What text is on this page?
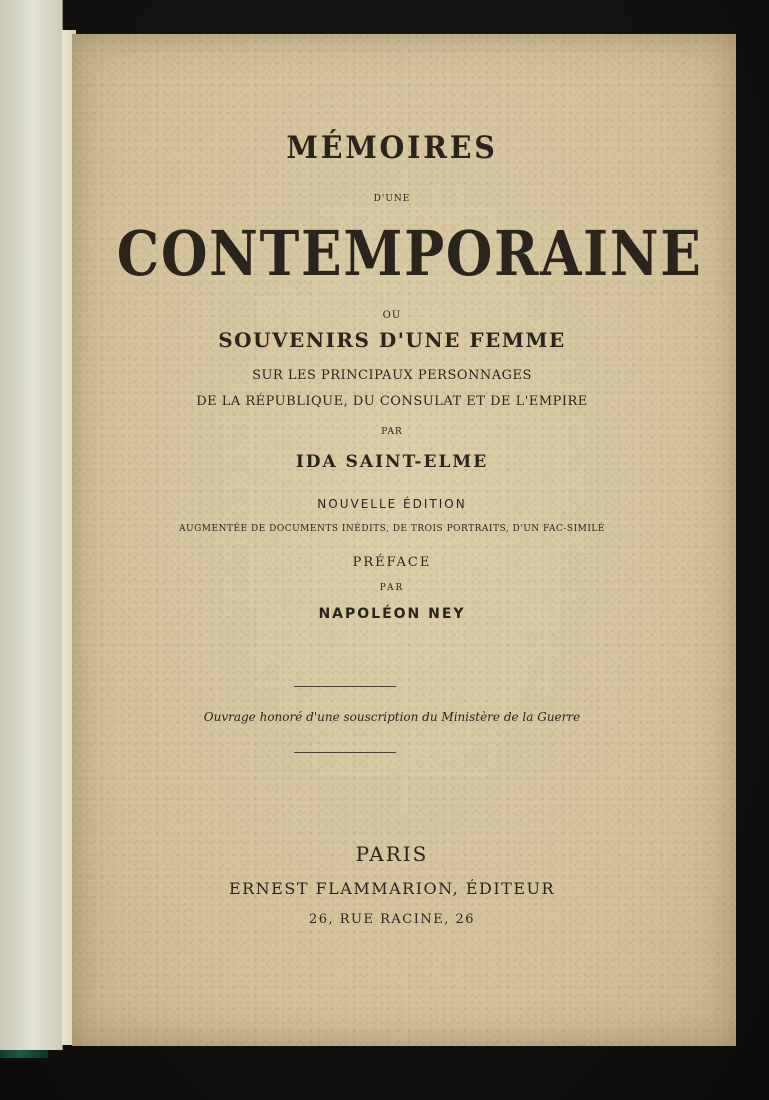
MÉMOIRES
D'UNE
CONTEMPORAINE
OU
SOUVENIRS D'UNE FEMME
SUR LES PRINCIPAUX PERSONNAGES
DE LA RÉPUBLIQUE, DU CONSULAT ET DE L'EMPIRE
PAR
IDA SAINT-ELME
NOUVELLE ÉDITION
AUGMENTÉE DE DOCUMENTS INÉDITS, DE TROIS PORTRAITS, D'UN FAC-SIMILÉ
PRÉFACE
PAR
NAPOLÉON NEY
Ouvrage honoré d'une souscription du Ministère de la Guerre
PARIS
ERNEST FLAMMARION, ÉDITEUR
26, RUE RACINE, 26
